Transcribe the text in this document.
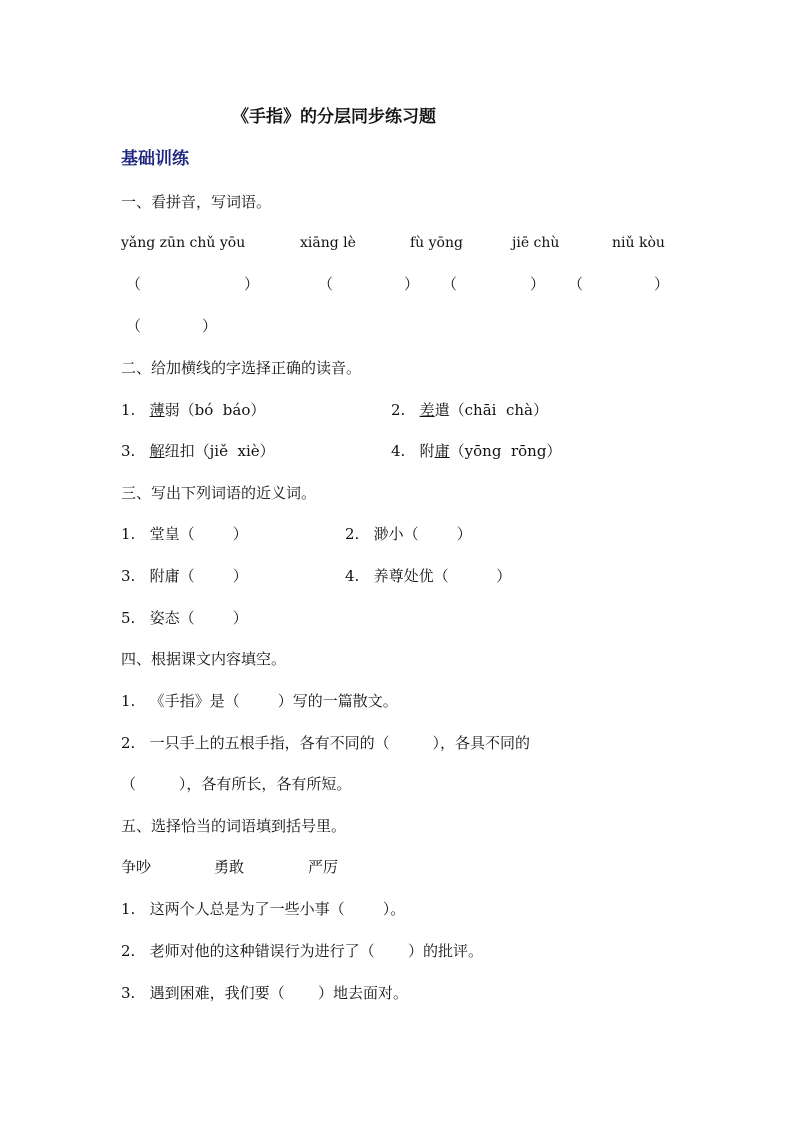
《手指》的分层同步练习题
基础训练
一、看拼音，写词语。
yǎng zūn chǔ yōu	xiāng lè	fù yōng	jiē chù	niǔ kòu
（	）	（	） （	） （	）
（	）
二、给加横线的字选择正确的读音。
1. 薄弱（bó  báo）	2. 差遣（chāi  chà）
3. 解纽扣（jiě  xiè）	4. 附庸（yōng  rōng）
三、写出下列词语的近义词。
1. 堂皇（        ）	2. 渺小（        ）
3. 附庸（        ）	4. 养尊处优（          ）
5. 姿态（        ）
四、根据课文内容填空。
1. 《手指》是（        ）写的一篇散文。
2. 一只手上的五根手指，各有不同的（         ），各具不同的
（         ），各有所长，各有所短。
五、选择恰当的词语填到括号里。
争吵	勇敢	严厉
1. 这两个人总是为了一些小事（        ）。
2. 老师对他的这种错误行为进行了（       ）的批评。
3. 遇到困难，我们要（       ）地去面对。
